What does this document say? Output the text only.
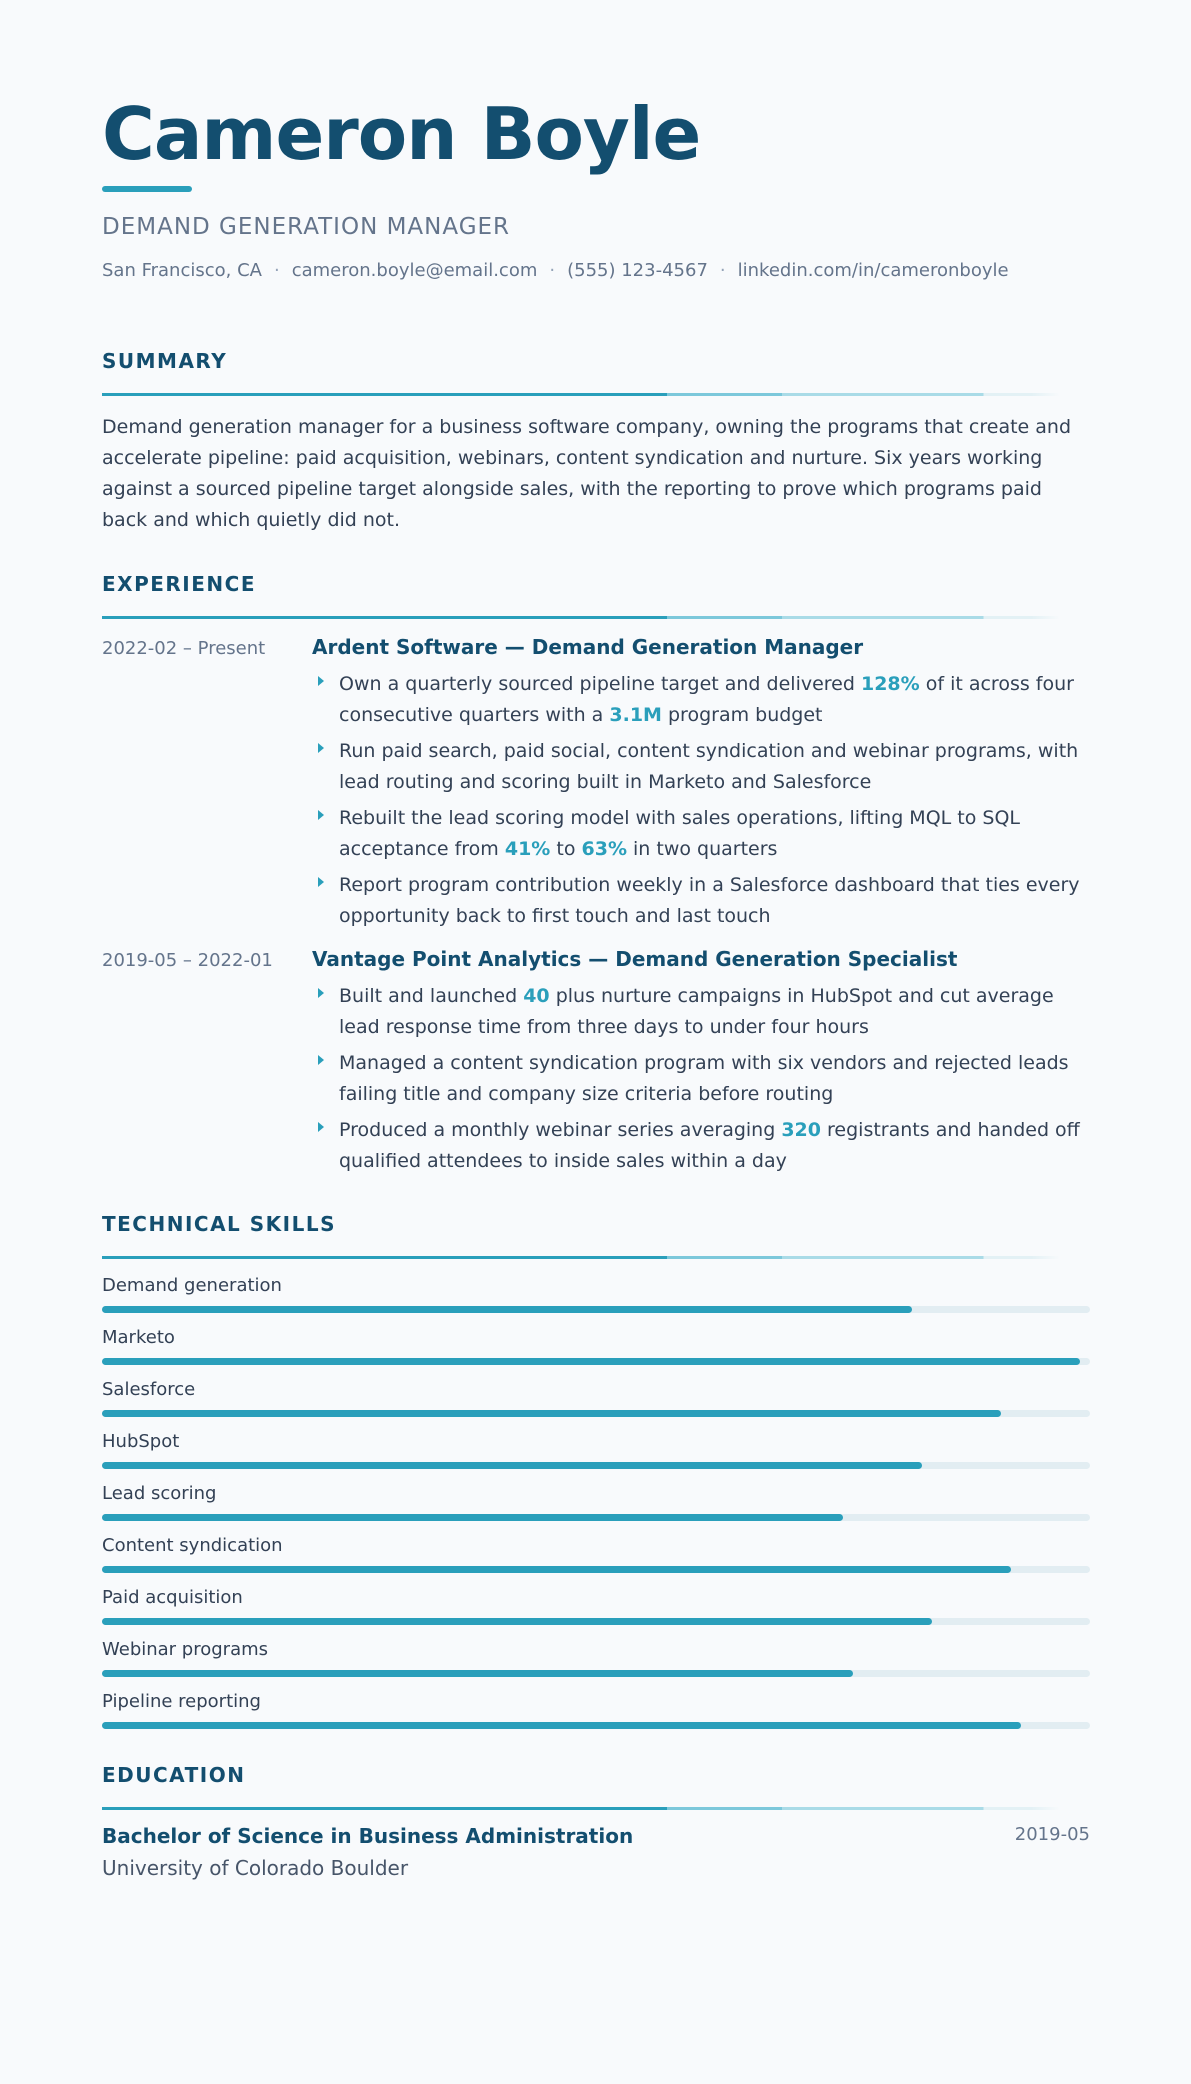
Cameron Boyle
DEMAND GENERATION MANAGER
San Francisco, CA · cameron.boyle@email.com · (555) 123-4567 · linkedin.com/in/cameronboyle
SUMMARY
Demand generation manager for a business software company, owning the programs that create and accelerate pipeline: paid acquisition, webinars, content syndication and nurture. Six years working against a sourced pipeline target alongside sales, with the reporting to prove which programs paid back and which quietly did not.
EXPERIENCE
2022-02 – Present	Ardent Software — Demand Generation Manager
Own a quarterly sourced pipeline target and delivered 128% of it across four consecutive quarters with a 3.1M program budget
Run paid search, paid social, content syndication and webinar programs, with lead routing and scoring built in Marketo and Salesforce
Rebuilt the lead scoring model with sales operations, lifting MQL to SQL acceptance from 41% to 63% in two quarters
Report program contribution weekly in a Salesforce dashboard that ties every opportunity back to first touch and last touch
2019-05 – 2022-01	Vantage Point Analytics — Demand Generation Specialist
Built and launched 40 plus nurture campaigns in HubSpot and cut average lead response time from three days to under four hours
Managed a content syndication program with six vendors and rejected leads failing title and company size criteria before routing
Produced a monthly webinar series averaging 320 registrants and handed off qualified attendees to inside sales within a day
TECHNICAL SKILLS
Demand generation
Marketo
Salesforce
HubSpot
Lead scoring
Content syndication
Paid acquisition
Webinar programs
Pipeline reporting
EDUCATION
Bachelor of Science in Business Administration	2019-05
University of Colorado Boulder
